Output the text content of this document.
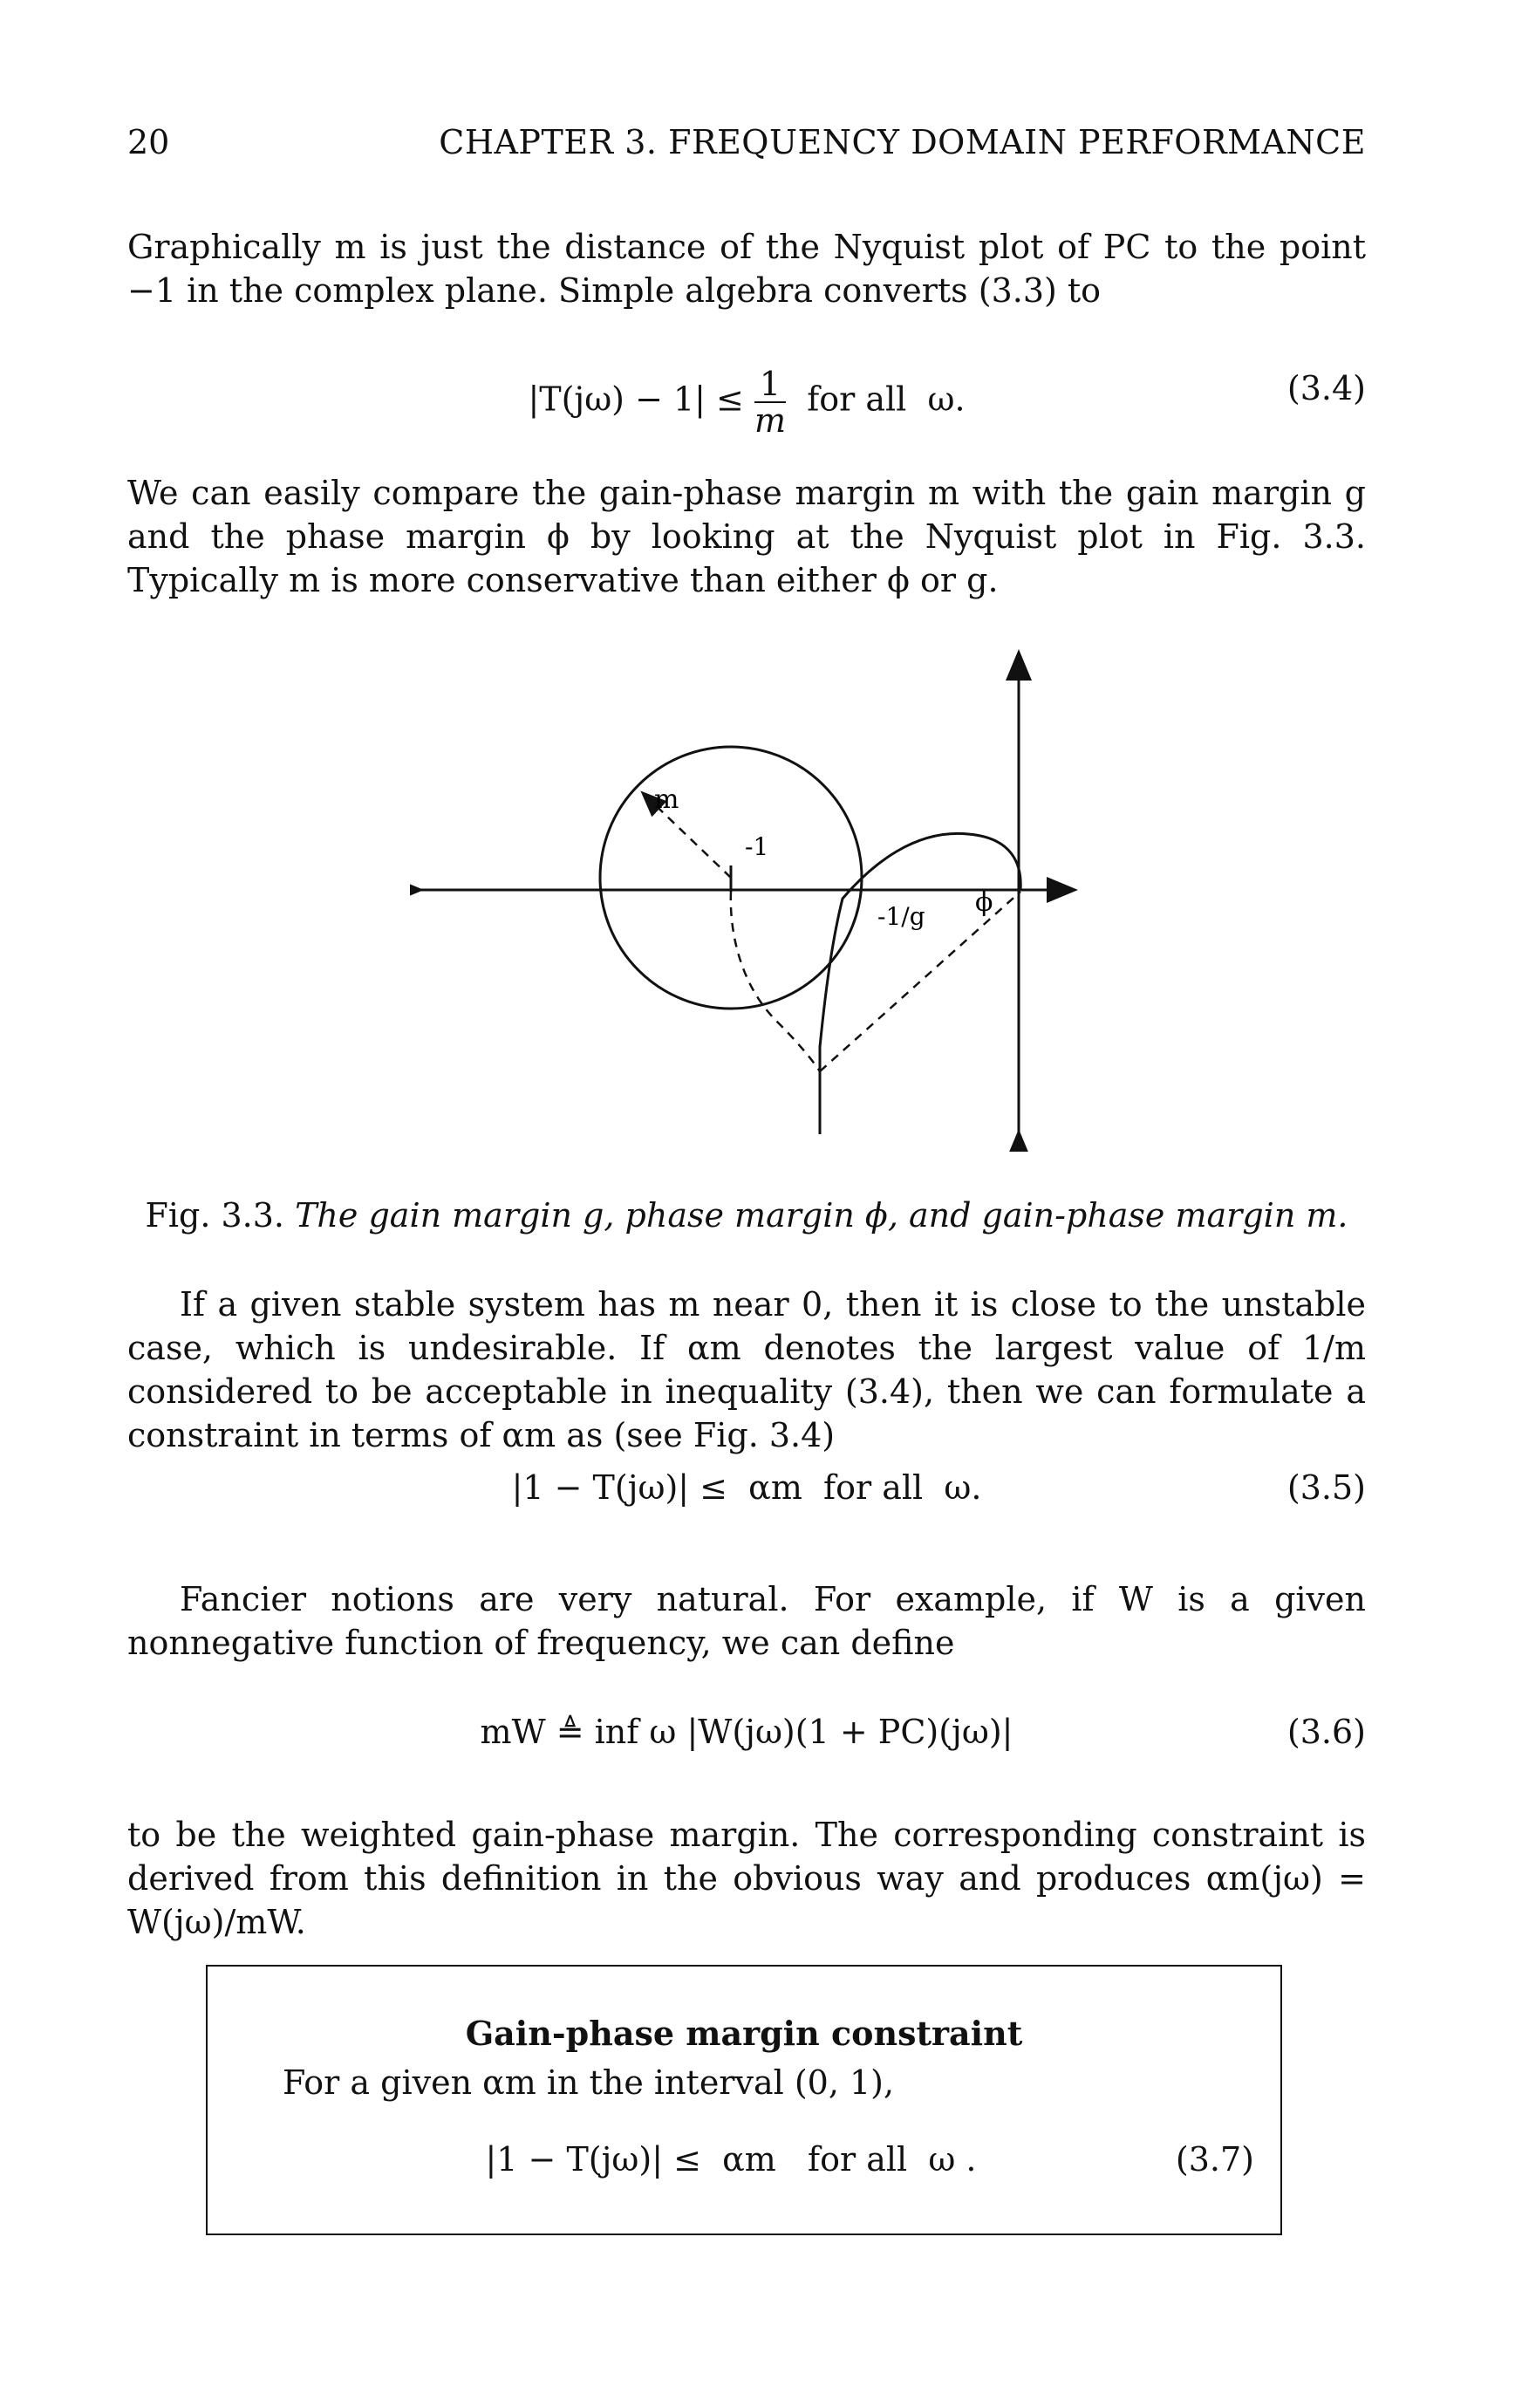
20	CHAPTER 3. FREQUENCY DOMAIN PERFORMANCE

Graphically m is just the distance of the Nyquist plot of PC to the point −1 in the complex plane. Simple algebra converts (3.3) to

$|T(j\omega) - 1| \le \frac{1}{m}$ for all  ω.	(3.4)

We can easily compare the gain-phase margin m with the gain margin g and the phase margin ϕ by looking at the Nyquist plot in Fig. 3.3. Typically m is more conservative than either ϕ or g.

m
-1
-1/g ϕ
Fig. 3.3. The gain margin g, phase margin ϕ, and gain-phase margin m.

If a given stable system has m near 0, then it is close to the unstable case, which is undesirable. If αm denotes the largest value of 1/m considered to be acceptable in inequality (3.4), then we can formulate a constraint in terms of αm as (see Fig. 3.4)

|1 − T(jω)| ≤  αm  for all  ω.	(3.5)

Fancier notions are very natural. For example, if W is a given nonnegative function of frequency, we can define

mW ≜ inf ω |W(jω)(1 + PC)(jω)|	(3.6)

to be the weighted gain-phase margin. The corresponding constraint is derived from this definition in the obvious way and produces αm(jω) = W(jω)/mW.

Gain-phase margin constraint
For a given αm in the interval (0, 1),
|1 − T(jω)| ≤  αm   for all  ω .	(3.7)
